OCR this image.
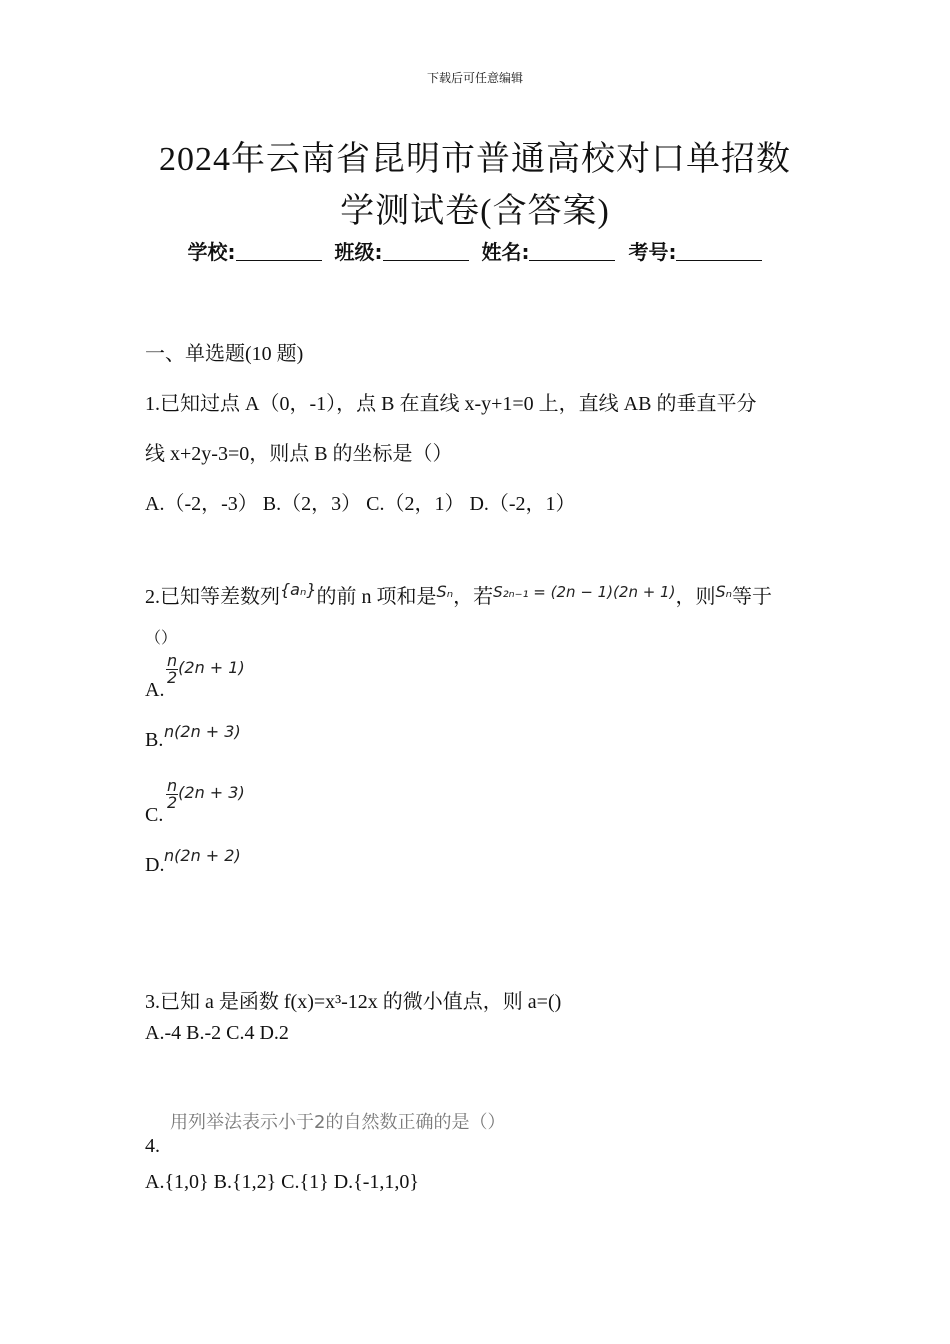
下载后可任意编辑
2024年云南省昆明市普通高校对口单招数
学测试卷(含答案)
学校:	班级:	姓名:	考号:
一、单选题(10 题)
1.已知过点 A（0，-1），点 B 在直线 x-y+1=0 上，直线 AB 的垂直平分
线 x+2y-3=0，则点 B 的坐标是（）
A.（-2，-3） B.（2，3） C.（2，1） D.（-2，1）
2.已知等差数列$^{\{a_n\}}$的前 n 项和是$^{S_n}$，若$^{S_{2n-1} = (2n - 1)(2n + 1)}$，则$^{S_n}$等于
（）
A.
$\frac{n}{2} (2n + 1)$
B. n(2n + 3)
C.
$\frac{n}{2} (2n + 3)$
D. n(2n + 2)
3.已知 a 是函数 f(x)=x³-12x 的微小值点，则 a=()
A.-4 B.-2 C.4 D.2
用列举法表示小于2的自然数正确的是（）
4.
A.{1,0} B.{1,2} C.{1} D.{-1,1,0}
